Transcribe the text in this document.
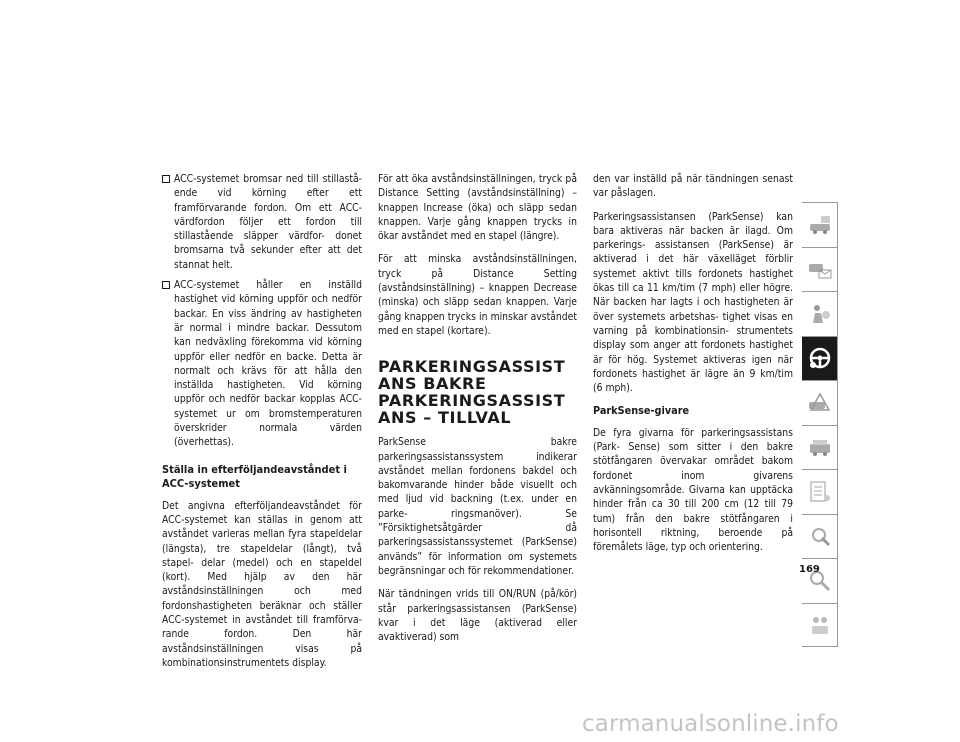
ACC-systemet bromsar ned till stillastå- ende vid körning efter ett framförvarande fordon. Om ett ACC-värdfordon följer ett fordon till stillastående släpper värdfor- donet bromsarna två sekunder efter att det stannat helt.
ACC-systemet håller en inställd hastighet vid körning uppför och nedför backar. En viss ändring av hastigheten är normal i mindre backar. Dessutom kan nedväxling förekomma vid körning uppför eller nedför en backe. Detta är normalt och krävs för att hålla den inställda hastigheten. Vid körning uppför och nedför backar kopplas ACC-systemet ur om bromstemperaturen överskrider normala värden (överhettas).
Ställa in efterföljandeavståndet i ACC-systemet

Det angivna efterföljandeavståndet för ACC-systemet kan ställas in genom att avståndet varieras mellan fyra stapeldelar (längsta), tre stapeldelar (långt), två stapel- delar (medel) och en stapeldel (kort). Med hjälp av den här avståndsinställningen och med fordonshastigheten beräknar och ställer ACC-systemet in avståndet till framförva- rande fordon. Den här avståndsinställningen visas på kombinationsinstrumentets display.

För att öka avståndsinställningen, tryck på Distance Setting (avståndsinställning) – knappen Increase (öka) och släpp sedan knappen. Varje gång knappen trycks in ökar avståndet med en stapel (längre).

För att minska avståndsinställningen, tryck på Distance Setting (avståndsinställning) – knappen Decrease (minska) och släpp sedan knappen. Varje gång knappen trycks in minskar avståndet med en stapel (kortare).

PARKERINGSASSISTANS BAKRE PARKERINGSASSISTANS – TILLVAL

ParkSense bakre parkeringsassistanssystem indikerar avståndet mellan fordonens bakdel och bakomvarande hinder både visuellt och med ljud vid backning (t.ex. under en parke- ringsmanöver). Se ”Försiktighetsåtgärder då parkeringsassistanssystemet (ParkSense) används” för information om systemets begränsningar och för rekommendationer.

När tändningen vrids till ON/RUN (på/kör) står parkeringsassistansen (ParkSense) kvar i det läge (aktiverad eller avaktiverad) som

den var inställd på när tändningen senast var påslagen.

Parkeringsassistansen (ParkSense) kan bara aktiveras när backen är ilagd. Om parkerings- assistansen (ParkSense) är aktiverad i det här växelläget förblir systemet aktivt tills fordonets hastighet ökas till ca 11 km/tim (7 mph) eller högre. När backen har lagts i och hastigheten är över systemets arbetshas- tighet visas en varning på kombinationsin- strumentets display som anger att fordonets hastighet är för hög. Systemet aktiveras igen när fordonets hastighet är lägre än 9 km/tim (6 mph).

ParkSense-givare

De fyra givarna för parkeringsassistans (Park- Sense) som sitter i den bakre stötfångaren övervakar området bakom fordonet inom givarens avkänningsområde. Givarna kan upptäcka hinder från ca 30 till 200 cm (12 till 79 tum) från den bakre stötfångaren i horisontell riktning, beroende på föremålets läge, typ och orientering.

169
carmanualsonline.info
